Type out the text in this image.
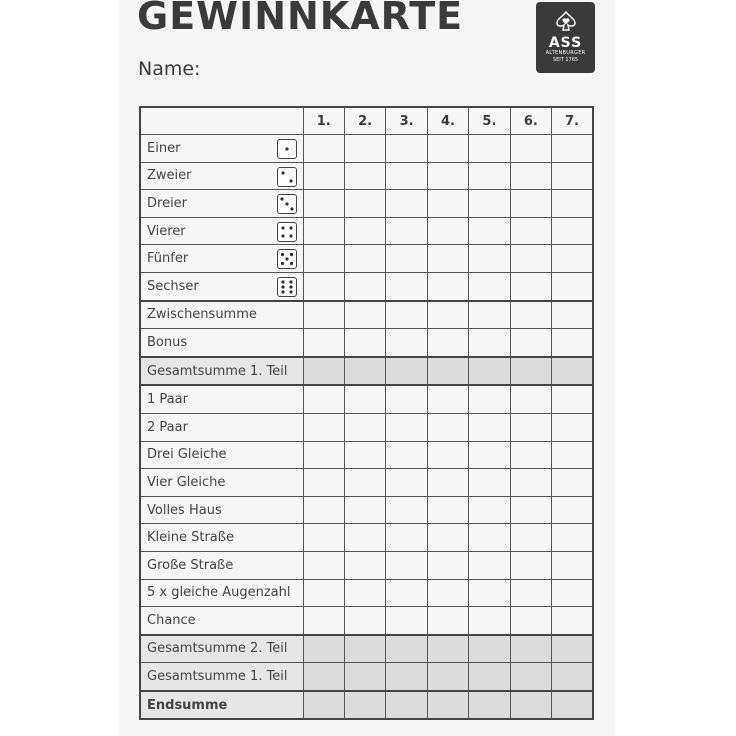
GEWINNKARTE
Name:
ASS
ALTENBURGER
SEIT 1765
	1.	2.	3.	4.	5.	6.	7.
Einer

Zweier

Dreier

Vierer

Fünfer

Sechser

Zwischensumme							
Bonus							
Gesamtsumme 1. Teil							
1 Paar							
2 Paar							
Drei Gleiche							
Vier Gleiche							
Volles Haus							
Kleine Straße							
Große Straße							
5 x gleiche Augenzahl							
Chance							
Gesamtsumme 2. Teil							
Gesamtsumme 1. Teil							
Endsumme							
